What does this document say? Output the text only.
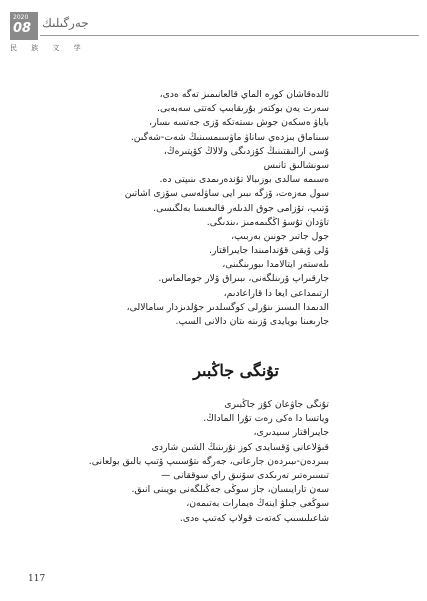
2020
08 جەرگىلىك
民 族 文 学
ئالدەقاشان كورە الماي قالعانىمىز تەگە ەدى،
سەرت يەن بوكتەر بۇرىقابىپ كەتتى سەبەبى.
باياۋ ەسكەن جوش ىستەتكە ۆزى جەتسە ىسار،
سىناماق بىزدەي ساناۋ ماۋسىمسىنىڭ شەت-شەگىن.
ۇسى ارالىقتىنىڭ كۆزدىگى ولالاڭ كۆپتىرەڭ،
سونشالىق تانىس
ەسىمە سالدى بوزىبالا تۇندەرىمدى ىنىپتى دە.
سول مەزەت، ۆزگە ىبىر ايى ساۋلەسى سۆزى اشاتىن
ۆتىپ، تۆزامى جوق الدىلەر قالىعىسا بەلگىسى.
تاۋدان تۇسۋ اڭگىمەمىز ،ىندىگى.
جول جاتىر جونىن بەربىپ،
ۆلى ۆيقى قۇندامىندا جايىراقتار.
ىلەستەر ايتالامدا ىبورىنگىنى،
جارقىراپ ۆرىنلگەنى، ىبىراق ۆلار جومالماس.
ارتىمداعى ايعا دا قاراعادىم،
الدىمدا الىسىز ىنۇرلى كوگسلدىر جۇلدىزدار سامالالى،
جارىعىنا بويايدى ۆزىنە ىتان دالانى السپ.
تۇنگى جاڭبىر
تۇنگى جاۋعان كۇز جاڭبىرى
وياتسا دا ەكى رەت تۇرا الماداڭ.
جايىراقتار سىيدىرى،
قىۋلاعانى ۆقسايدى كوز نۇرىنىڭ الشىن شاردى
بىىردەن-ىبىردەن جارعانى، جەرگە ىتۇسىىپ ۆتىپ بالىق بولعانى.
تىسىرەتىر تەرىكدى سۆنىق راي سوققانى —
سەن تارايىسان، جاز سوڭى جەڭىلگەنى بويىنى انىق.
سوڭعى جىلۋ اينەڭ ەيمارات بەتىمەن،
شاعىلىسىپ كەتەت قولاپ كەتىپ ەدى.
117
